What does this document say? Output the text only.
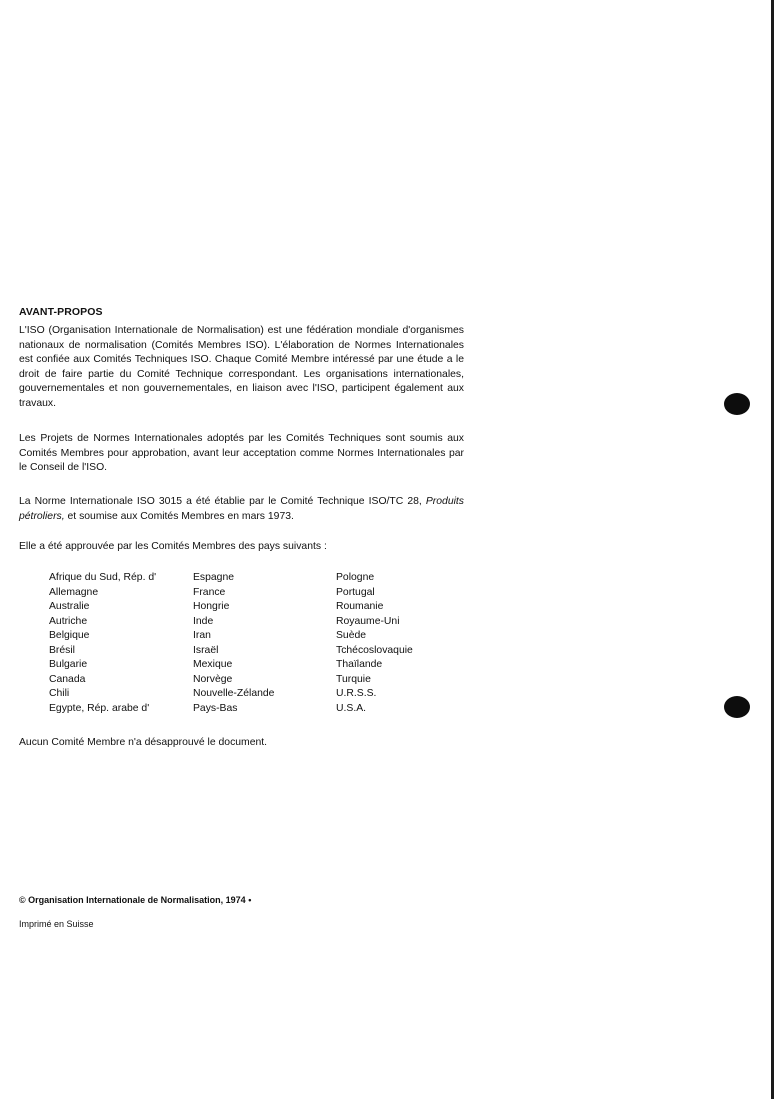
AVANT-PROPOS

L'ISO (Organisation Internationale de Normalisation) est une fédération mondiale d'organismes nationaux de normalisation (Comités Membres ISO). L'élaboration de Normes Internationales est confiée aux Comités Techniques ISO. Chaque Comité Membre intéressé par une étude a le droit de faire partie du Comité Technique correspondant. Les organisations internationales, gouvernementales et non gouvernementales, en liaison avec l'ISO, participent également aux travaux.

Les Projets de Normes Internationales adoptés par les Comités Techniques sont soumis aux Comités Membres pour approbation, avant leur acceptation comme Normes Internationales par le Conseil de l'ISO.

La Norme Internationale ISO 3015 a été établie par le Comité Technique ISO/TC 28, Produits pétroliers, et soumise aux Comités Membres en mars 1973.

Elle a été approuvée par les Comités Membres des pays suivants :

Afrique du Sud, Rép. d'
Allemagne
Australie
Autriche
Belgique
Brésil
Bulgarie
Canada
Chili
Egypte, Rép. arabe d'
Espagne
France
Hongrie
Inde
Iran
Israël
Mexique
Norvège
Nouvelle-Zélande
Pays-Bas
Pologne
Portugal
Roumanie
Royaume-Uni
Suède
Tchécoslovaquie
Thaïlande
Turquie
U.R.S.S.
U.S.A.

Aucun Comité Membre n'a désapprouvé le document.

© Organisation Internationale de Normalisation, 1974 •
Imprimé en Suisse
